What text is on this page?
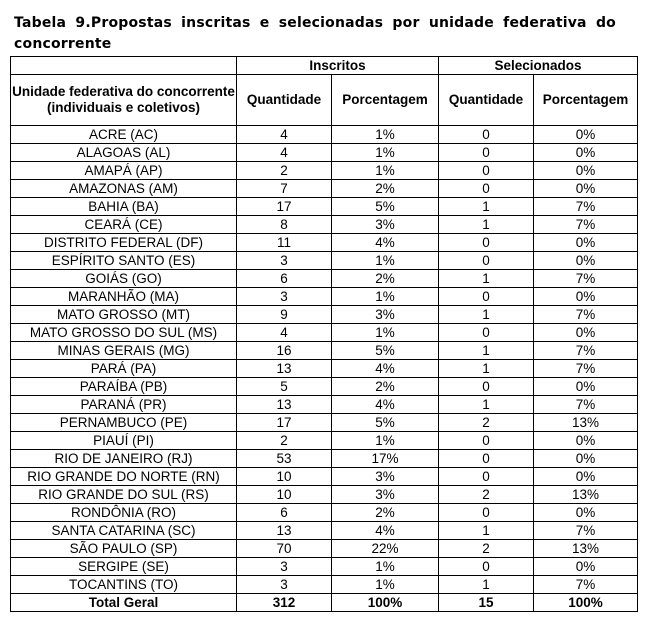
Tabela 9.Propostas inscritas e selecionadas por unidade federativa do concorrente
	Inscritos		Selecionados	
Unidade federativa do concorrente (individuais e coletivos)	Quantidade	Porcentagem	Quantidade	Porcentagem
ACRE (AC)	4	1%	0	0%
ALAGOAS (AL)	4	1%	0	0%
AMAPÁ (AP)	2	1%	0	0%
AMAZONAS (AM)	7	2%	0	0%
BAHIA (BA)	17	5%	1	7%
CEARÁ (CE)	8	3%	1	7%
DISTRITO FEDERAL (DF)	11	4%	0	0%
ESPÍRITO SANTO (ES)	3	1%	0	0%
GOIÁS (GO)	6	2%	1	7%
MARANHÃO (MA)	3	1%	0	0%
MATO GROSSO (MT)	9	3%	1	7%
MATO GROSSO DO SUL (MS)	4	1%	0	0%
MINAS GERAIS (MG)	16	5%	1	7%
PARÁ (PA)	13	4%	1	7%
PARAÍBA (PB)	5	2%	0	0%
PARANÁ (PR)	13	4%	1	7%
PERNAMBUCO (PE)	17	5%	2	13%
PIAUÍ (PI)	2	1%	0	0%
RIO DE JANEIRO (RJ)	53	17%	0	0%
RIO GRANDE DO NORTE (RN)	10	3%	0	0%
RIO GRANDE DO SUL (RS)	10	3%	2	13%
RONDÔNIA (RO)	6	2%	0	0%
SANTA CATARINA (SC)	13	4%	1	7%
SÃO PAULO (SP)	70	22%	2	13%
SERGIPE (SE)	3	1%	0	0%
TOCANTINS (TO)	3	1%	1	7%
Total Geral	312	100%	15	100%
